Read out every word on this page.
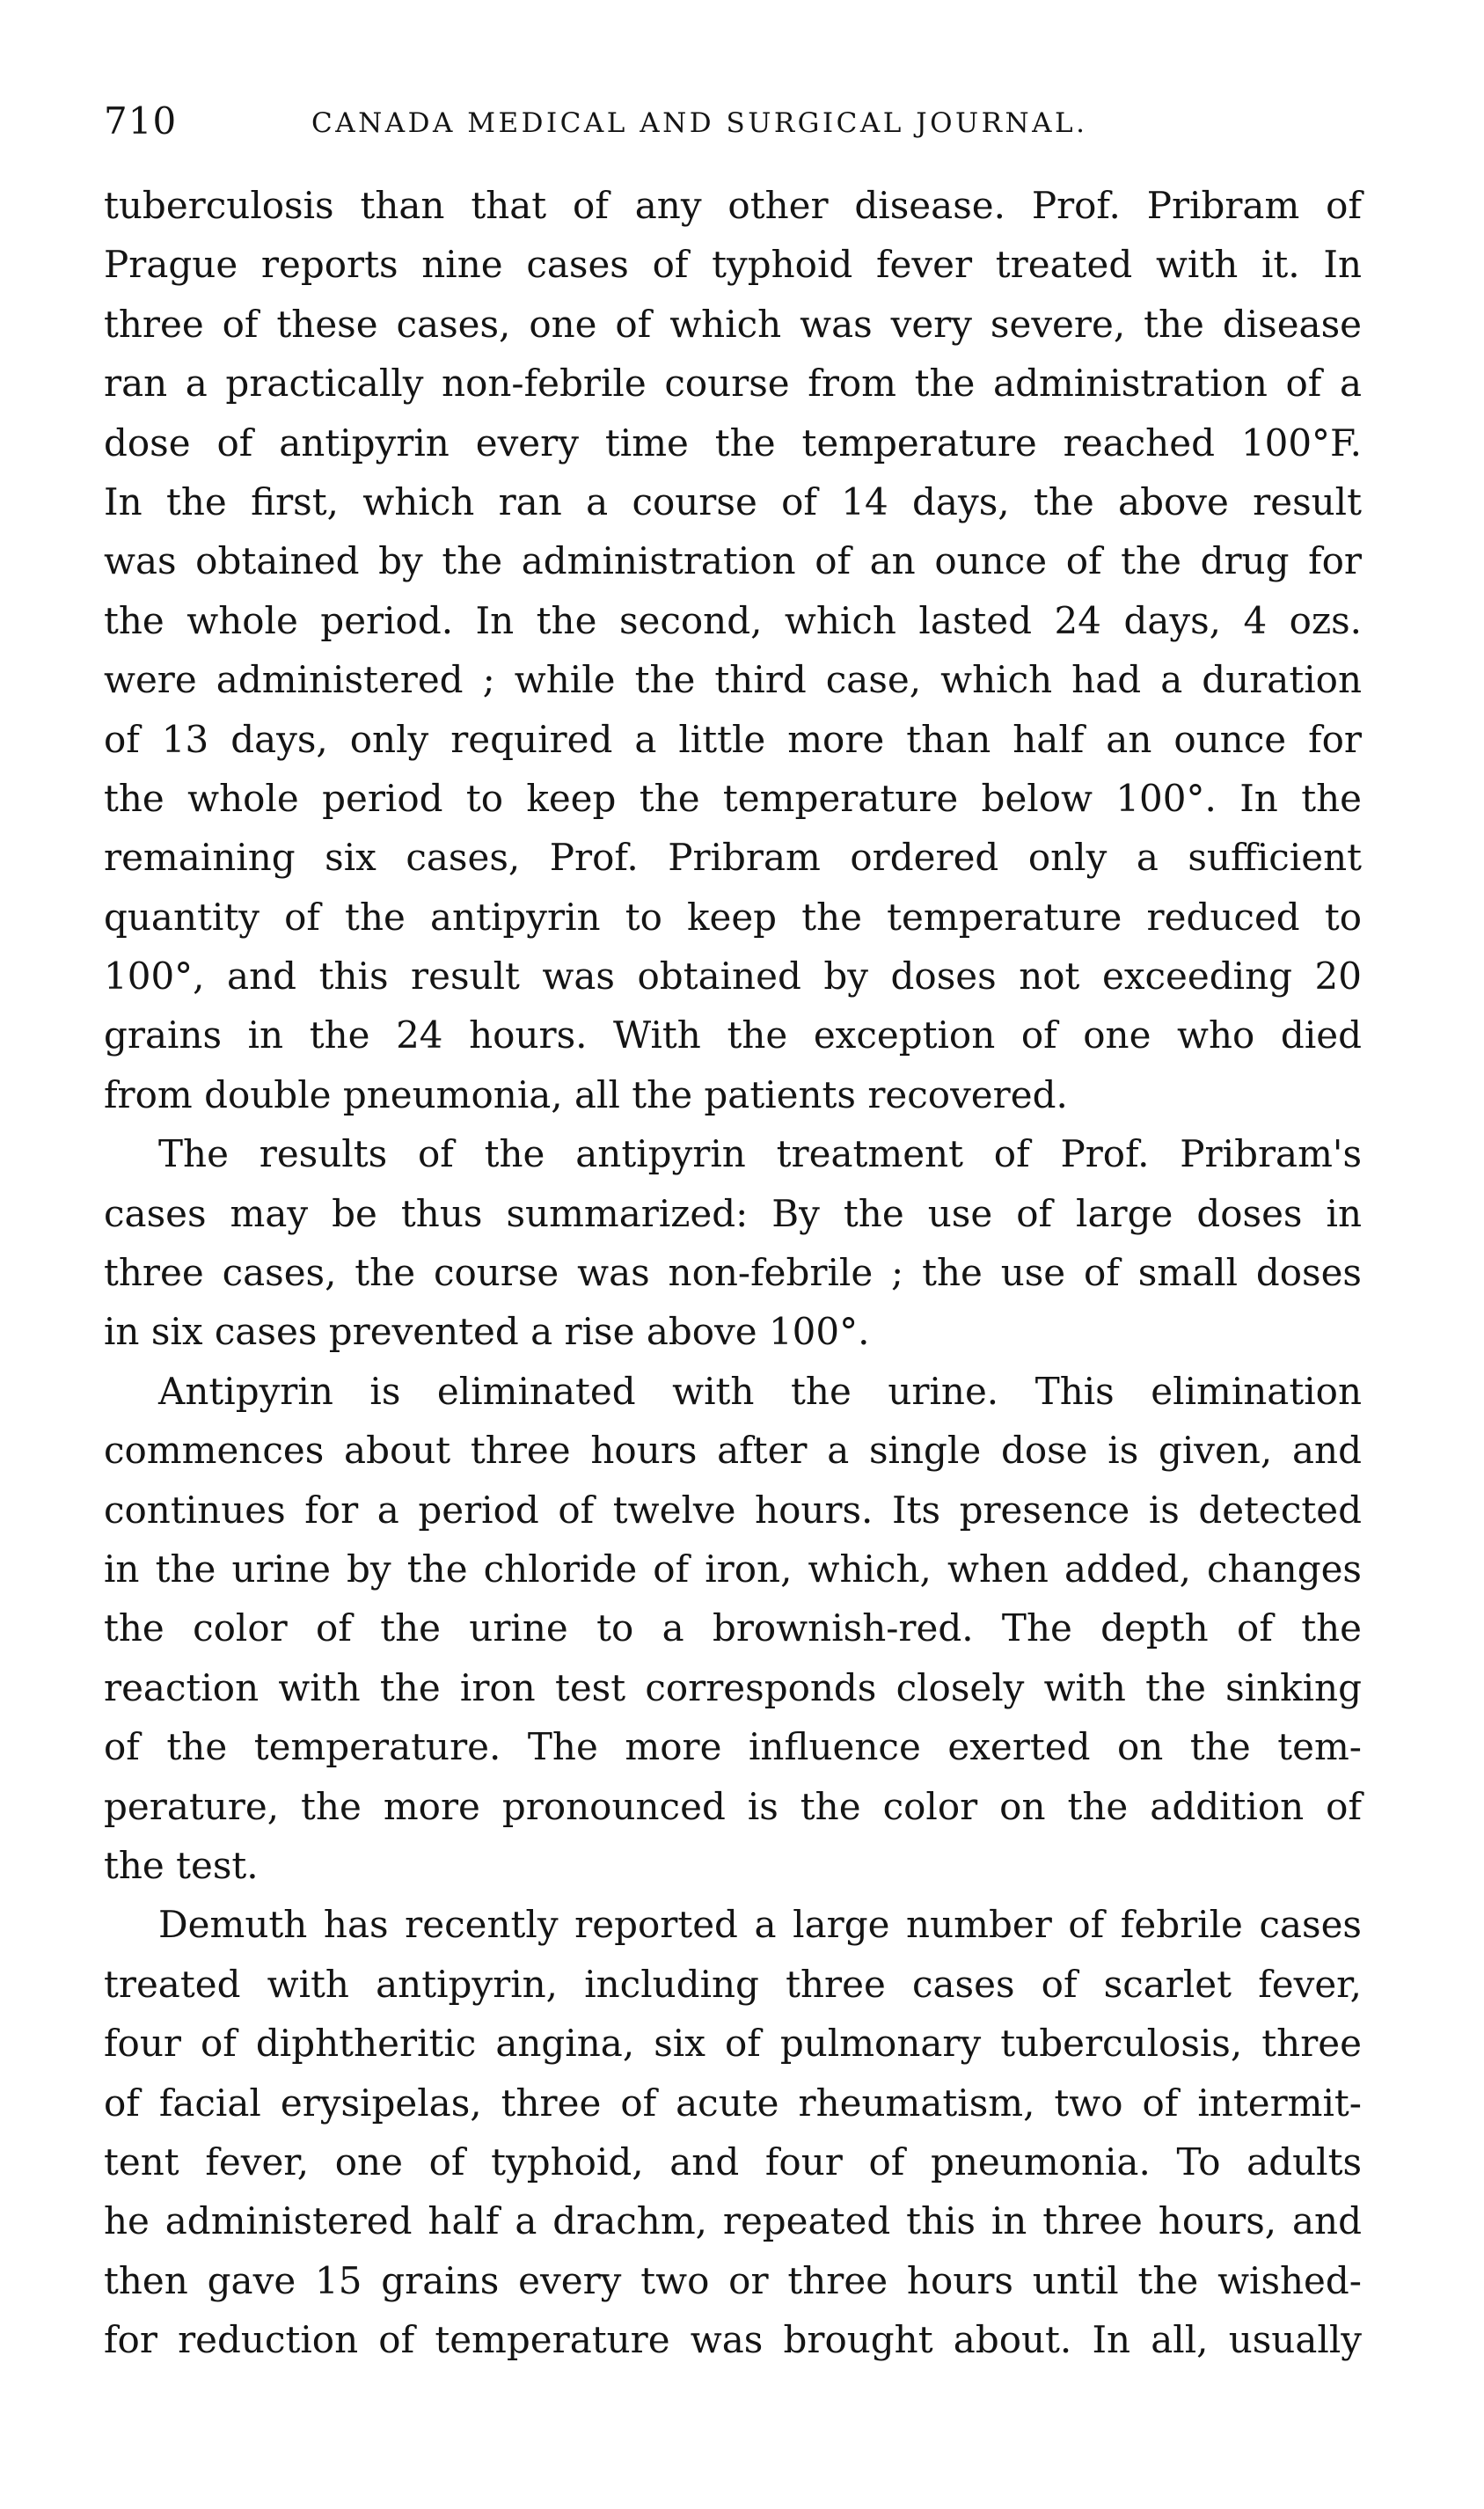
710	CANADA MEDICAL AND SURGICAL JOURNAL.
tuberculosis than that of any other disease. Prof. Pribram of
Prague reports nine cases of typhoid fever treated with it. In
three of these cases, one of which was very severe, the disease
ran a practically non-febrile course from the administration of a
dose of antipyrin every time the temperature reached 100°F.
In the first, which ran a course of 14 days, the above result
was obtained by the administration of an ounce of the drug for
the whole period. In the second, which lasted 24 days, 4 ozs.
were administered ; while the third case, which had a duration
of 13 days, only required a little more than half an ounce for
the whole period to keep the temperature below 100°. In the
remaining six cases, Prof. Pribram ordered only a sufficient
quantity of the antipyrin to keep the temperature reduced to
100°, and this result was obtained by doses not exceeding 20
grains in the 24 hours. With the exception of one who died
from double pneumonia, all the patients recovered.
The results of the antipyrin treatment of Prof. Pribram's
cases may be thus summarized: By the use of large doses in
three cases, the course was non-febrile ; the use of small doses
in six cases prevented a rise above 100°.
Antipyrin is eliminated with the urine. This elimination
commences about three hours after a single dose is given, and
continues for a period of twelve hours. Its presence is detected
in the urine by the chloride of iron, which, when added, changes
the color of the urine to a brownish-red. The depth of the
reaction with the iron test corresponds closely with the sinking
of the temperature. The more influence exerted on the tem-
perature, the more pronounced is the color on the addition of
the test.
Demuth has recently reported a large number of febrile cases
treated with antipyrin, including three cases of scarlet fever,
four of diphtheritic angina, six of pulmonary tuberculosis, three
of facial erysipelas, three of acute rheumatism, two of intermit-
tent fever, one of typhoid, and four of pneumonia. To adults
he administered half a drachm, repeated this in three hours, and
then gave 15 grains every two or three hours until the wished-
for reduction of temperature was brought about. In all, usually
